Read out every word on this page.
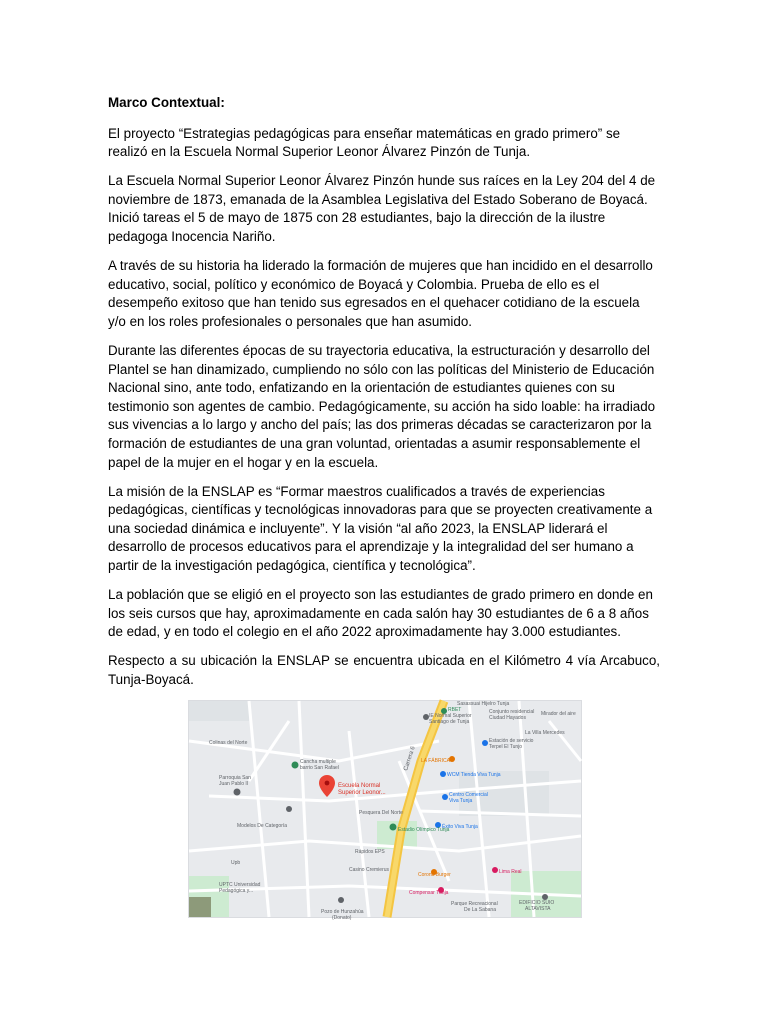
Marco Contextual:

El proyecto “Estrategias pedagógicas para enseñar matemáticas en grado primero” se realizó en la Escuela Normal Superior Leonor Álvarez Pinzón de Tunja.

La Escuela Normal Superior Leonor Álvarez Pinzón hunde sus raíces en la Ley 204 del 4 de noviembre de 1873, emanada de la Asamblea Legislativa del Estado Soberano de Boyacá. Inició tareas el 5 de mayo de 1875 con 28 estudiantes, bajo la dirección de la ilustre pedagoga Inocencia Nariño.

A través de su historia ha liderado la formación de mujeres que han incidido en el desarrollo educativo, social, político y económico de Boyacá y Colombia. Prueba de ello es el desempeño exitoso que han tenido sus egresados en el quehacer cotidiano de la escuela y/o en los roles profesionales o personales que han asumido.

Durante las diferentes épocas de su trayectoria educativa, la estructuración y desarrollo del Plantel se han dinamizado, cumpliendo no sólo con las políticas del Ministerio de Educación Nacional sino, ante todo, enfatizando en la orientación de estudiantes quienes con su testimonio son agentes de cambio. Pedagógicamente, su acción ha sido loable: ha irradiado sus vivencias a lo largo y ancho del país; las dos primeras décadas se caracterizaron por la formación de estudiantes de una gran voluntad, orientadas a asumir responsablemente el papel de la mujer en el hogar y en la escuela.

La misión de la ENSLAP es “Formar maestros cualificados a través de experiencias pedagógicas, científicas y tecnológicas innovadoras para que se proyecten creativamente a una sociedad dinámica e incluyente”. Y la visión “al año 2023, la ENSLAP liderará el desarrollo de procesos educativos para el aprendizaje y la integralidad del ser humano a partir de la investigación pedagógica, científica y tecnológica”.

La población que se eligió en el proyecto son las estudiantes de grado primero en donde en los seis cursos que hay, aproximadamente en cada salón hay 30 estudiantes de 6 a 8 años de edad, y en todo el colegio en el año 2022 aproximadamente hay 3.000 estudiantes.

Respecto a su ubicación la ENSLAP se encuentra ubicada en el Kilómetro 4 vía Arcabuco, Tunja-Boyacá.

Carrera 6
Escuela Normal
Superior Leonor...
Colinas del Norte
Cancha multiple
barrio San Rafael
Parroquia San
Juan Pablo II
Modelos De Categoría
Upb
UPTC Universidad
Pedagógica y...
Pozo de Hunzahúa
(Donato)
Pesquera Del Norte
LA FÁBRICA
IE Normal Superior
Santiago de Tunja
RBET
Sasassuai Hijelro Tunja
Conjunto residencial
Ciudad Hayados
Mirador del aire
La Villa Mercedes
Estación de servicio
Terpel El Tunjo
WCM Tienda Viva Tunja
Centro Comercial
Viva Tunja
Éxito Viva Tunja
Estadio Olímpico Tunja
Rápidos EPS
Casino Cremierus
Corona Burger	Lima Real
Compensar Tunja
Parque Recreacional
De La Sabana
EDIFICIO SUIO
ALTAVISTA
